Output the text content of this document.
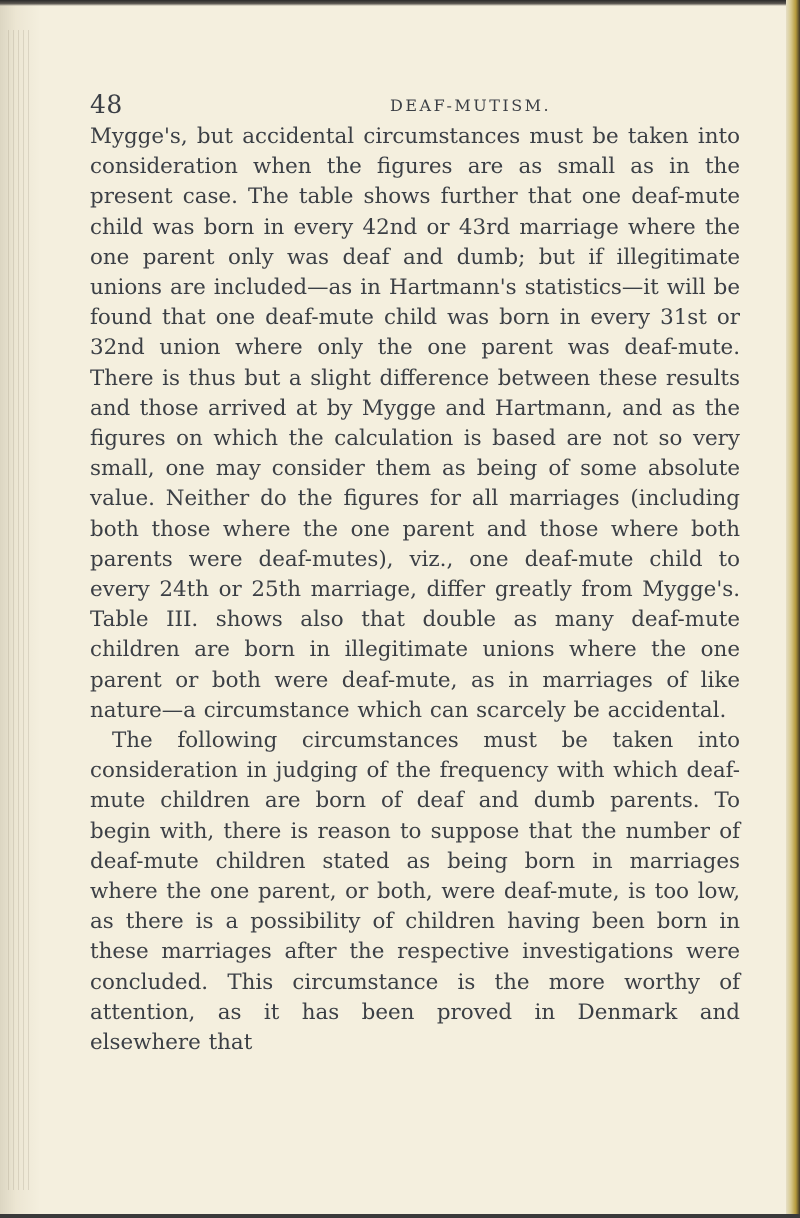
48	DEAF-MUTISM.

Mygge's, but accidental circumstances must be taken into consideration when the figures are as small as in the present case. The table shows further that one deaf-mute child was born in every 42nd or 43rd marriage where the one parent only was deaf and dumb; but if illegitimate unions are included—as in Hartmann's statistics—it will be found that one deaf-mute child was born in every 31st or 32nd union where only the one parent was deaf-mute. There is thus but a slight difference between these results and those arrived at by Mygge and Hartmann, and as the figures on which the calculation is based are not so very small, one may consider them as being of some absolute value. Neither do the figures for all marriages (including both those where the one parent and those where both parents were deaf-mutes), viz., one deaf-mute child to every 24th or 25th marriage, differ greatly from Mygge's. Table III. shows also that double as many deaf-mute children are born in illegitimate unions where the one parent or both were deaf-mute, as in marriages of like nature—a circumstance which can scarcely be accidental.

The following circumstances must be taken into consideration in judging of the frequency with which deaf-mute children are born of deaf and dumb parents. To begin with, there is reason to suppose that the number of deaf-mute children stated as being born in marriages where the one parent, or both, were deaf-mute, is too low, as there is a possibility of children having been born in these marriages after the respective investigations were concluded. This circumstance is the more worthy of attention, as it has been proved in Denmark and elsewhere that
